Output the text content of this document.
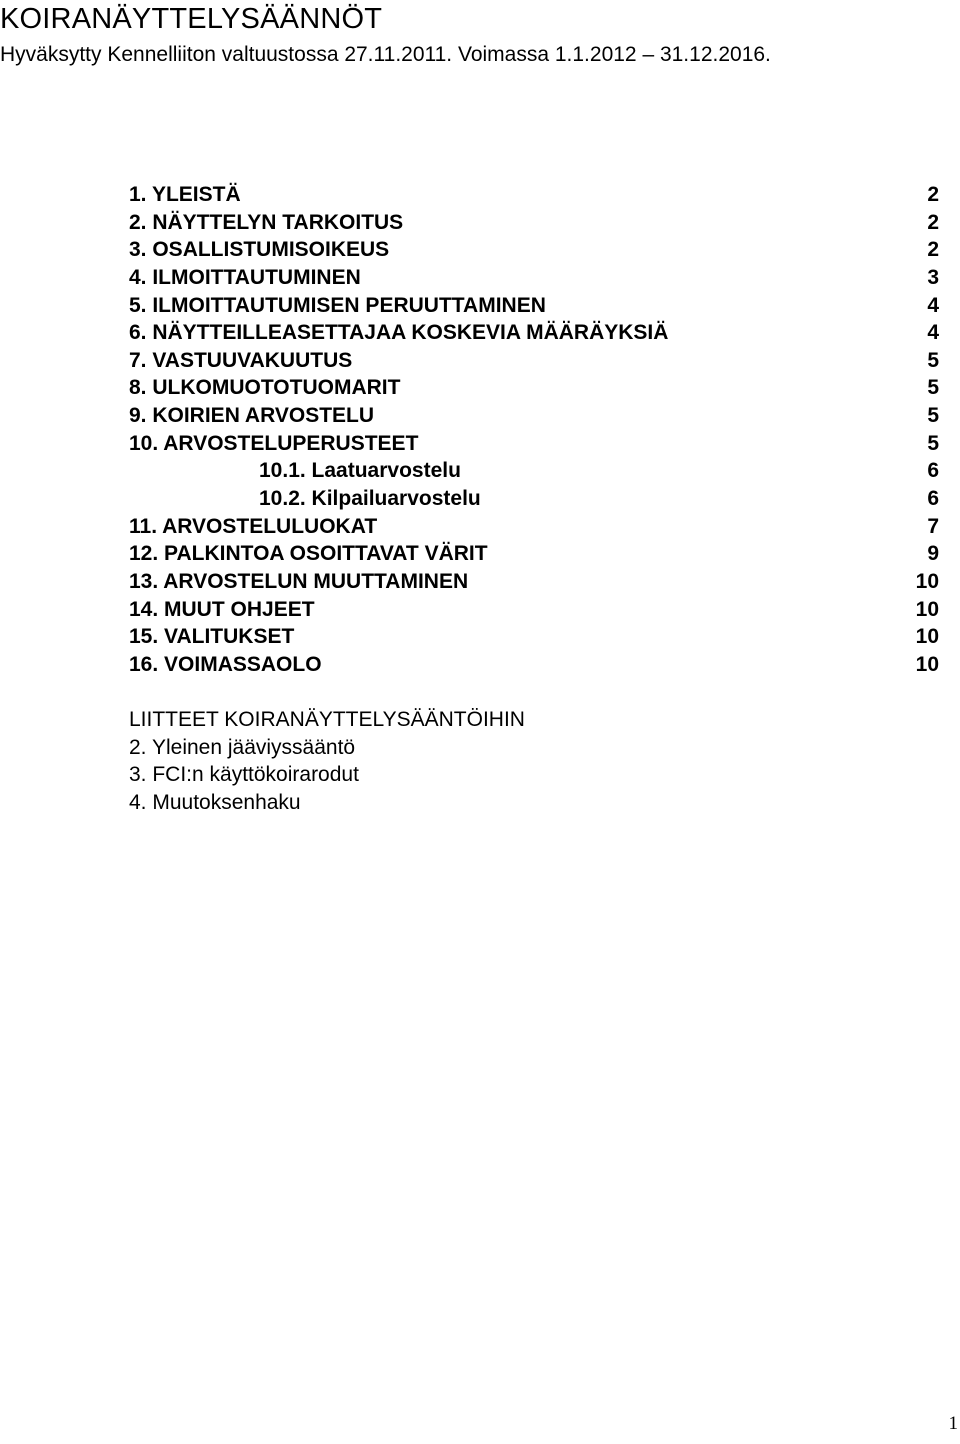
KOIRANÄYTTELYSÄÄNNÖT
Hyväksytty Kennelliiton valtuustossa 27.11.2011. Voimassa 1.1.2012 – 31.12.2016.
1. YLEISTÄ	2
2. NÄYTTELYN TARKOITUS	2
3. OSALLISTUMISOIKEUS	2
4. ILMOITTAUTUMINEN	3
5. ILMOITTAUTUMISEN PERUUTTAMINEN	4
6. NÄYTTEILLEASETTAJAA KOSKEVIA MÄÄRÄYKSIÄ	4
7. VASTUUVAKUUTUS	5
8. ULKOMUOTOTUOMARIT	5
9. KOIRIEN ARVOSTELU	5
10. ARVOSTELUPERUSTEET	5
10.1. Laatuarvostelu	6
10.2. Kilpailuarvostelu	6
11. ARVOSTELULUOKAT	7
12. PALKINTOA OSOITTAVAT VÄRIT	9
13. ARVOSTELUN MUUTTAMINEN	10
14. MUUT OHJEET	10
15. VALITUKSET	10
16. VOIMASSAOLO	10
LIITTEET KOIRANÄYTTELYSÄÄNTÖIHIN
2. Yleinen jääviyssääntö
3. FCI:n käyttökoirarodut
4. Muutoksenhaku
1
